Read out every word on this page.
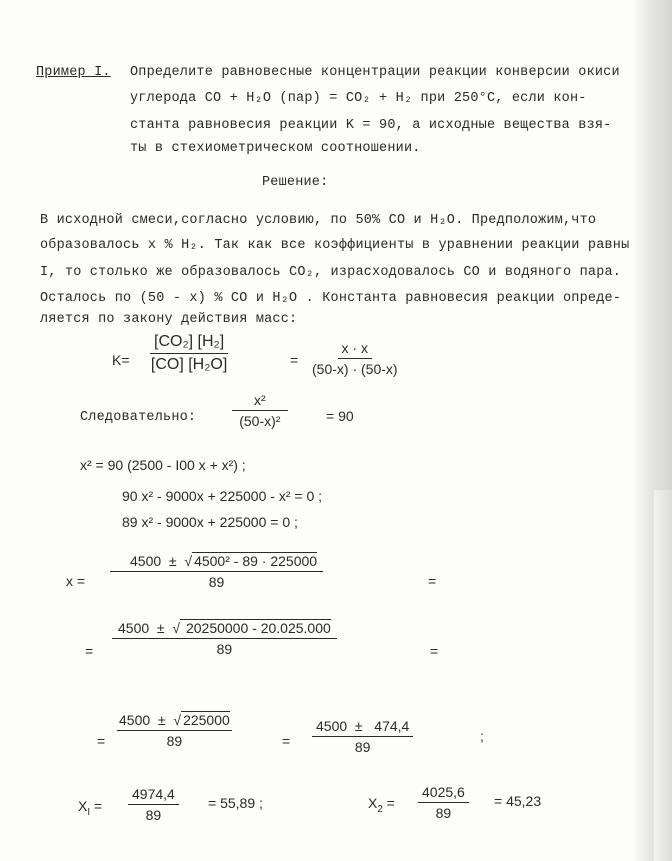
Пример I. Определите равновесные концентрации реакции конверсии окиси
углерода CO + H₂O (пар) = CO₂ + H₂ при 250°C, если кон-
станта равновесия реакции K = 90, а исходные вещества взя-
ты в стехиометрическом соотношении.
Решение:
В исходной смеси,согласно условию, по 50% CO и H₂O. Предположим,что
образовалось x % H₂. Так как все коэффициенты в уравнении реакции равны
I, то столько же образовалось CO₂, израсходовалось CO и водяного пара.
Осталось по (50 - x) % CO и H₂O . Константа равновесия реакции опреде-
ляется по закону действия масс:
$K= \frac{\text{[CO₂] [H₂]}}{\text{[CO] [H₂O]}}$	= $\frac{x \cdot x}{(50-x) \cdot (50-x)}$
Следовательно:	$\frac{\text{x²}}{\text{(50-x)²}}$	= 90
x² = 90 (2500 - I00 x + x²) ;
90 x² - 9000x + 225000 - x² = 0 ;
89 x² - 9000x + 225000 = 0 ;
$x = \frac{\text{4500  ±  √ 4500² - 89 · 225000}}{89}$	=
= $\frac{4500 \pm √ 20250000 - 20.025.000}{89}$	=
= $\frac{4500 \pm √ 225000}{89}$	= $\frac{4500 \pm 474,4}{89}$	;
$X_I = \frac{4974,4}{89} = 55,89$ ;	$X_2 = \frac{4025,6}{89} = 45,23$
